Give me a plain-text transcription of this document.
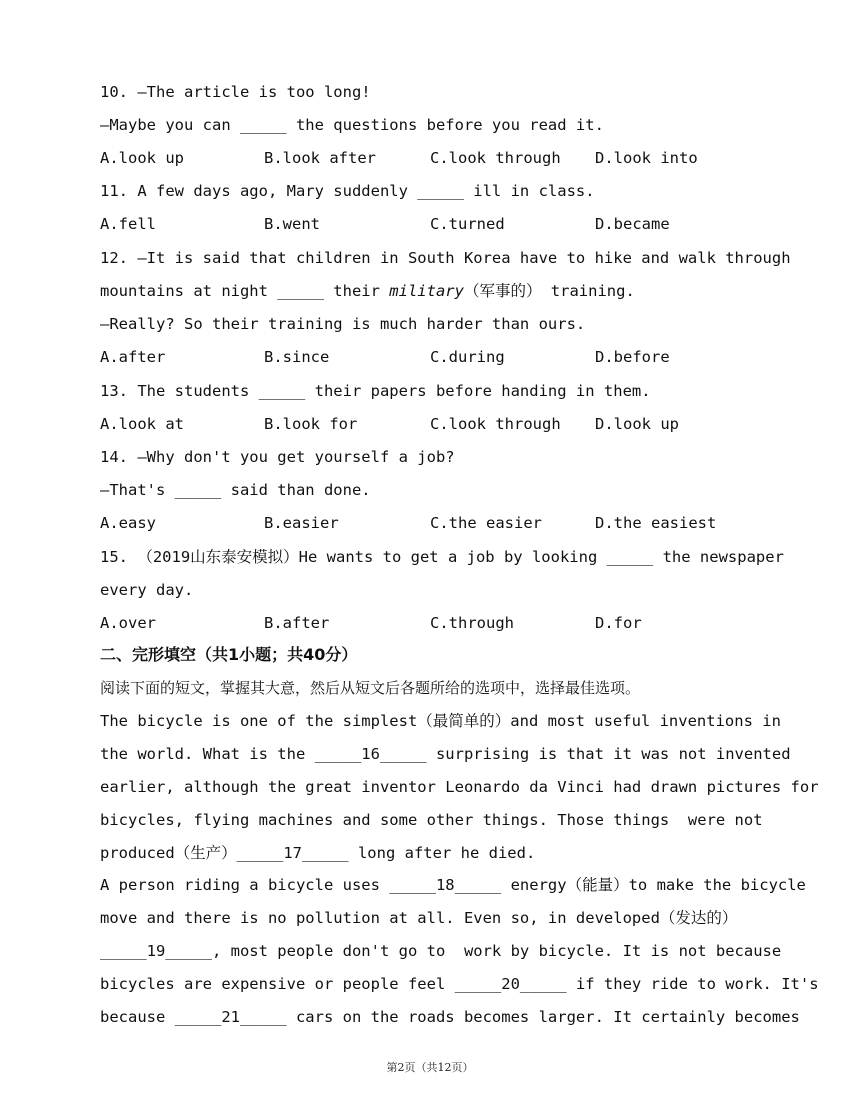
10. —The article is too long!
—Maybe you can _____ the questions before you read it.
A.look up	B.look after	C.look through D.look into
11. A few days ago, Mary suddenly _____ ill in class.
A.fell	B.went	C.turned	D.became
12. —It is said that children in South Korea have to hike and walk through
mountains at night _____ their military（军事的） training.
—Really? So their training is much harder than ours.
A.after	B.since	C.during	D.before
13. The students _____ their papers before handing in them.
A.look at	B.look for	C.look through D.look up
14. —Why don't you get yourself a job?
—That's _____ said than done.
A.easy	B.easier	C.the easier	D.the easiest
15. （2019山东泰安模拟）He wants to get a job by looking _____ the newspaper
every day.
A.over	B.after	C.through	D.for
二、完形填空（共1小题；共40分）
阅读下面的短文，掌握其大意，然后从短文后各题所给的选项中，选择最佳选项。
The bicycle is one of the simplest（最简单的）and most useful inventions in
the world. What is the _____16_____ surprising is that it was not invented
earlier, although the great inventor Leonardo da Vinci had drawn pictures for
bicycles, flying machines and some other things. Those things  were not
produced（生产）_____17_____ long after he died.
A person riding a bicycle uses _____18_____ energy（能量）to make the bicycle
move and there is no pollution at all. Even so, in developed（发达的）
_____19_____, most people don't go to  work by bicycle. It is not because
bicycles are expensive or people feel _____20_____ if they ride to work. It's
because _____21_____ cars on the roads becomes larger. It certainly becomes
第2页（共12页）
